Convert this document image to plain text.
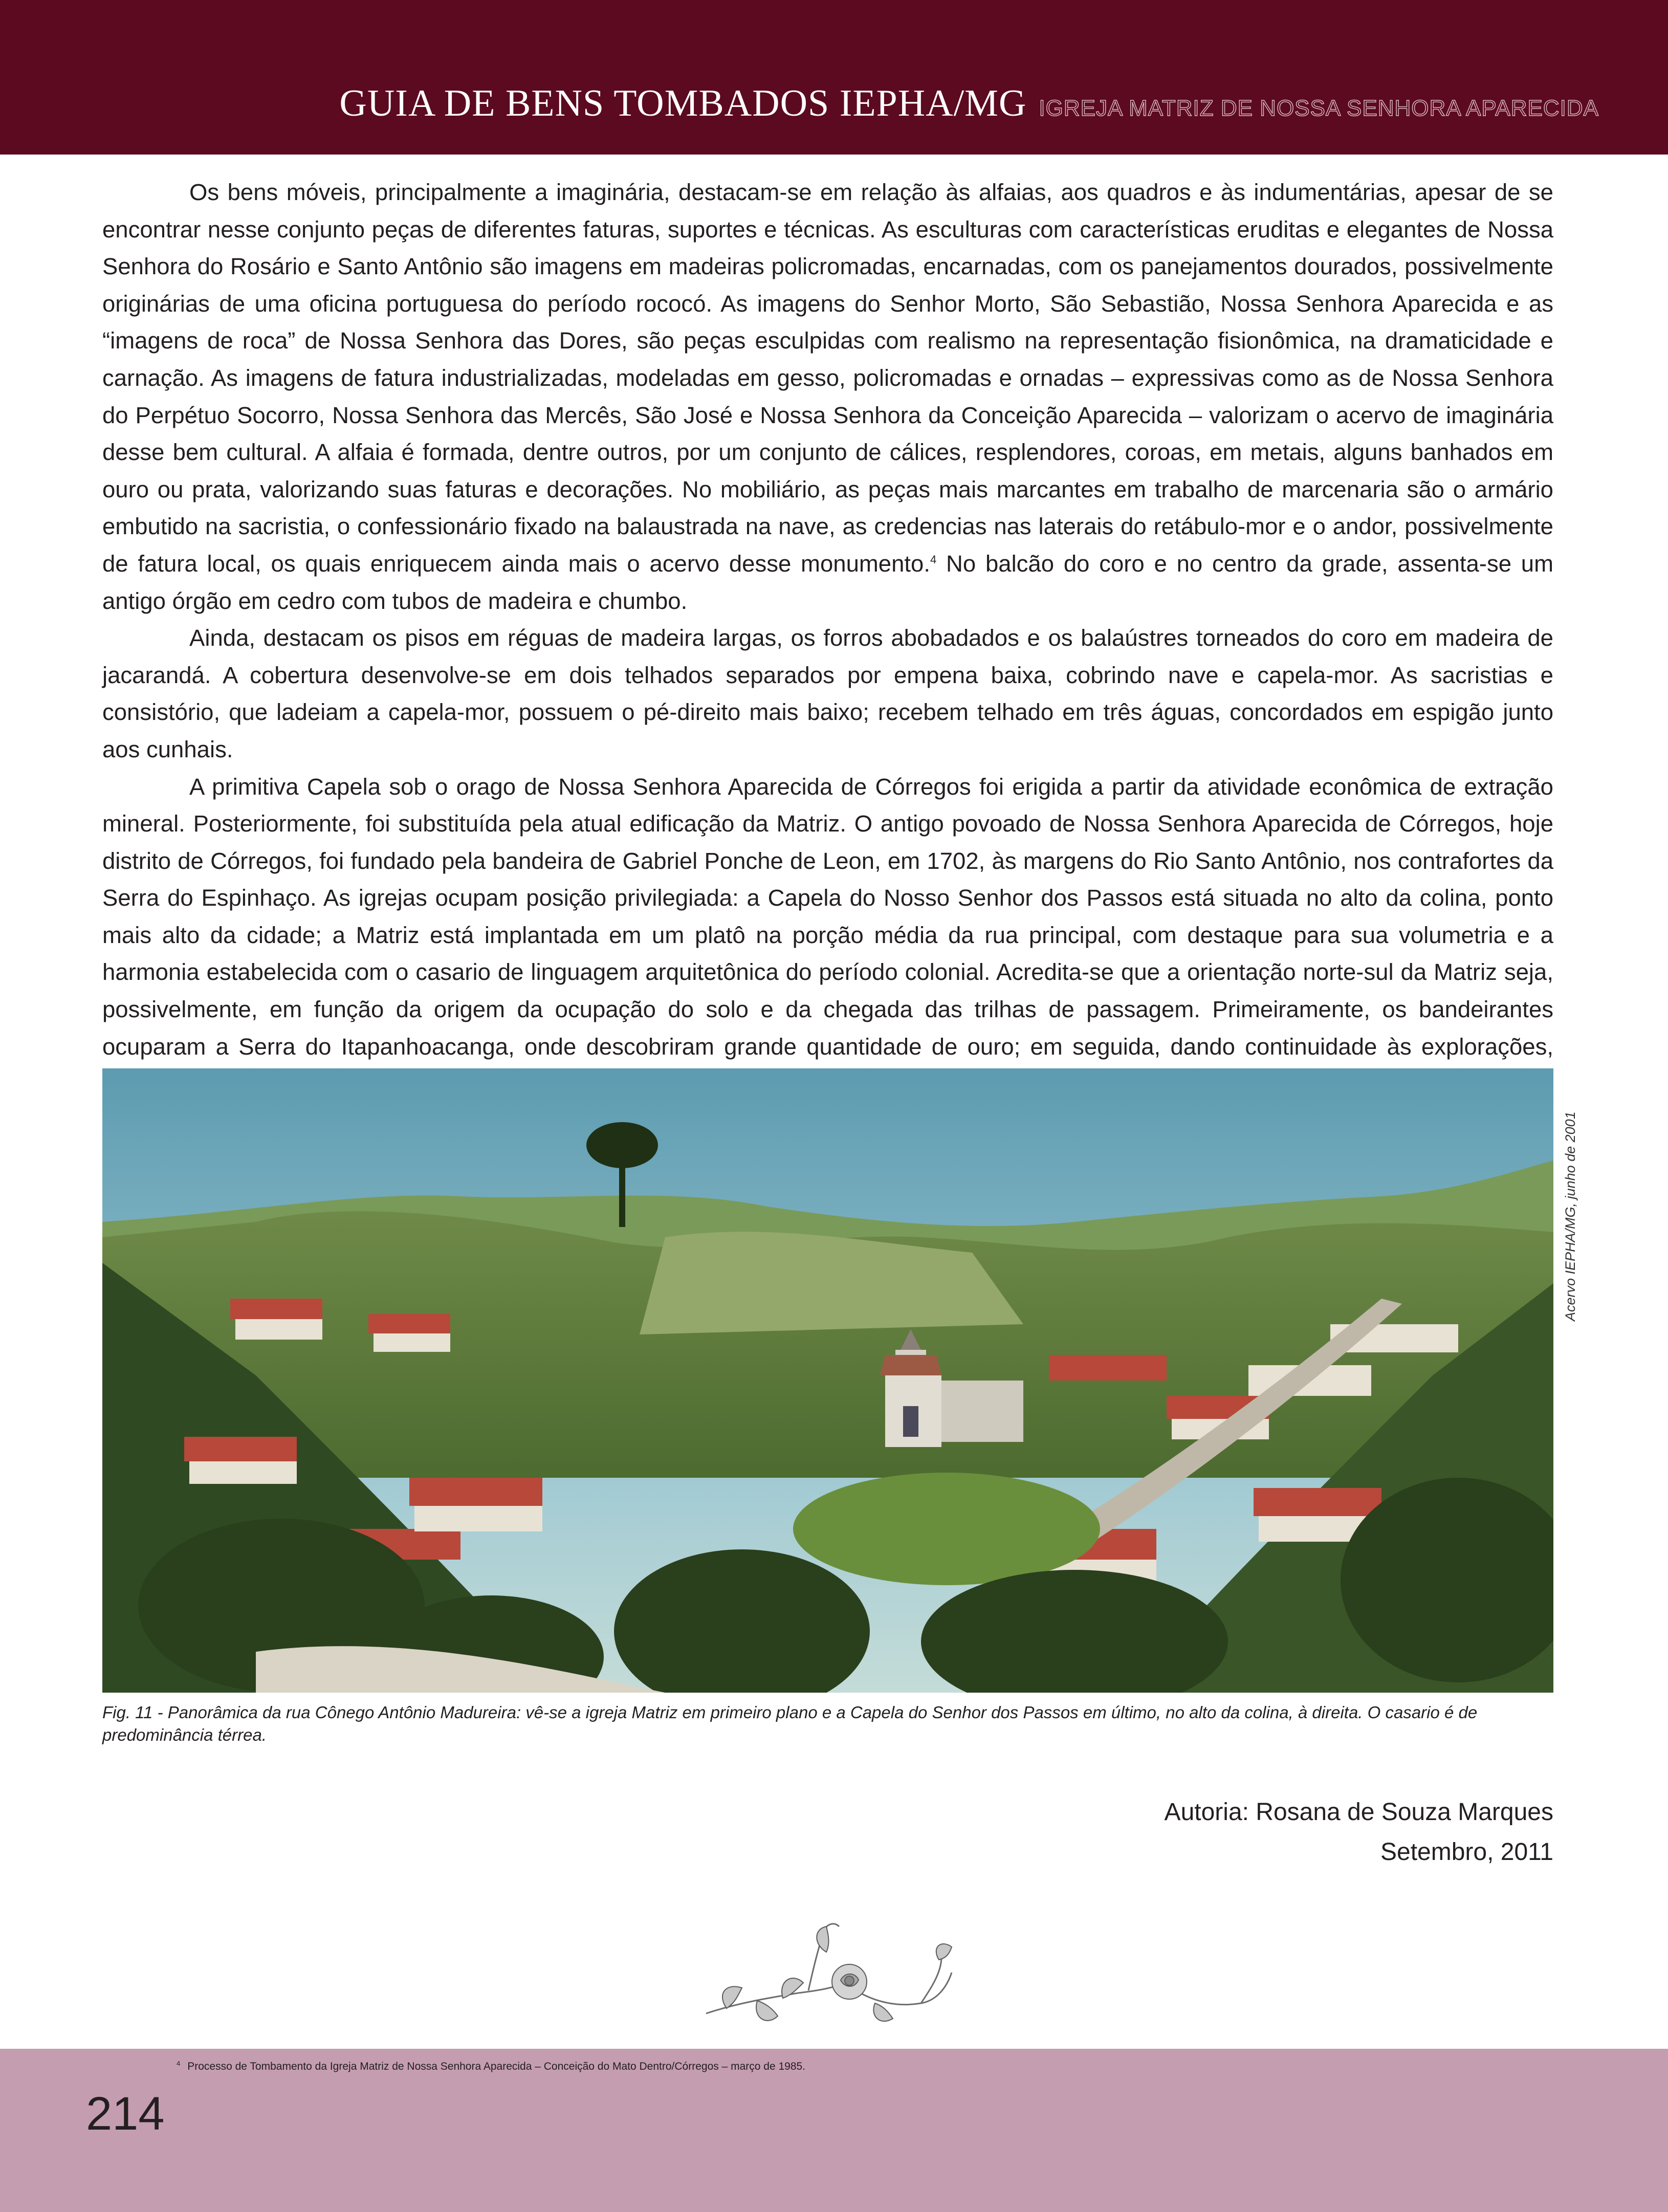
GUIA DE BENS TOMBADOS IEPHA/MG IGREJA MATRIZ DE NOSSA SENHORA APARECIDA

Os bens móveis, principalmente a imaginária, destacam-se em relação às alfaias, aos quadros e às indumentárias, apesar de se encontrar nesse conjunto peças de diferentes faturas, suportes e técnicas. As esculturas com características eruditas e elegantes de Nossa Senhora do Rosário e Santo Antônio são imagens em madeiras policromadas, encarnadas, com os panejamentos dourados, possivelmente originárias de uma oficina portuguesa do período rococó. As imagens do Senhor Morto, São Sebastião, Nossa Senhora Aparecida e as “imagens de roca” de Nossa Senhora das Dores, são peças esculpidas com realismo na representação fisionômica, na dramaticidade e carnação. As imagens de fatura industrializadas, modeladas em gesso, policromadas e ornadas – expressivas como as de Nossa Senhora do Perpétuo Socorro, Nossa Senhora das Mercês, São José e Nossa Senhora da Conceição Aparecida – valorizam o acervo de imaginária desse bem cultural. A alfaia é formada, dentre outros, por um conjunto de cálices, resplendores, coroas, em metais, alguns banhados em ouro ou prata, valorizando suas faturas e decorações. No mobiliário, as peças mais marcantes em trabalho de marcenaria são o armário embutido na sacristia, o confessionário fixado na balaustrada na nave, as credencias nas laterais do retábulo-mor e o andor, possivelmente de fatura local, os quais enriquecem ainda mais o acervo desse monumento.$^4$ No balcão do coro e no centro da grade, assenta-se um antigo órgão em cedro com tubos de madeira e chumbo.

Ainda, destacam os pisos em réguas de madeira largas, os forros abobadados e os balaústres torneados do coro em madeira de jacarandá. A cobertura desenvolve-se em dois telhados separados por empena baixa, cobrindo nave e capela-mor. As sacristias e consistório, que ladeiam a capela-mor, possuem o pé-direito mais baixo; recebem telhado em três águas, concordados em espigão junto aos cunhais.

A primitiva Capela sob o orago de Nossa Senhora Aparecida de Córregos foi erigida a partir da atividade econômica de extração mineral. Posteriormente, foi substituída pela atual edificação da Matriz. O antigo povoado de Nossa Senhora Aparecida de Córregos, hoje distrito de Córregos, foi fundado pela bandeira de Gabriel Ponche de Leon, em 1702, às margens do Rio Santo Antônio, nos contrafortes da Serra do Espinhaço. As igrejas ocupam posição privilegiada: a Capela do Nosso Senhor dos Passos está situada no alto da colina, ponto mais alto da cidade; a Matriz está implantada em um platô na porção média da rua principal, com destaque para sua volumetria e a harmonia estabelecida com o casario de linguagem arquitetônica do período colonial. Acredita-se que a orientação norte-sul da Matriz seja, possivelmente, em função da origem da ocupação do solo e da chegada das trilhas de passagem. Primeiramente, os bandeirantes ocuparam a Serra do Itapanhoacanga, onde descobriram grande quantidade de ouro; em seguida, dando continuidade às explorações,

Acervo IEPHA/MG, junho de 2001
Fig. 11 - Panorâmica da rua Cônego Antônio Madureira: vê-se a igreja Matriz em primeiro plano e a Capela do Senhor dos Passos em último, no alto da colina, à direita. O casario é de predominância térrea.
Autoria: Rosana de Souza Marques
Setembro, 2011
$^4$ Processo de Tombamento da Igreja Matriz de Nossa Senhora Aparecida – Conceição do Mato Dentro/Córregos – março de 1985.
214
